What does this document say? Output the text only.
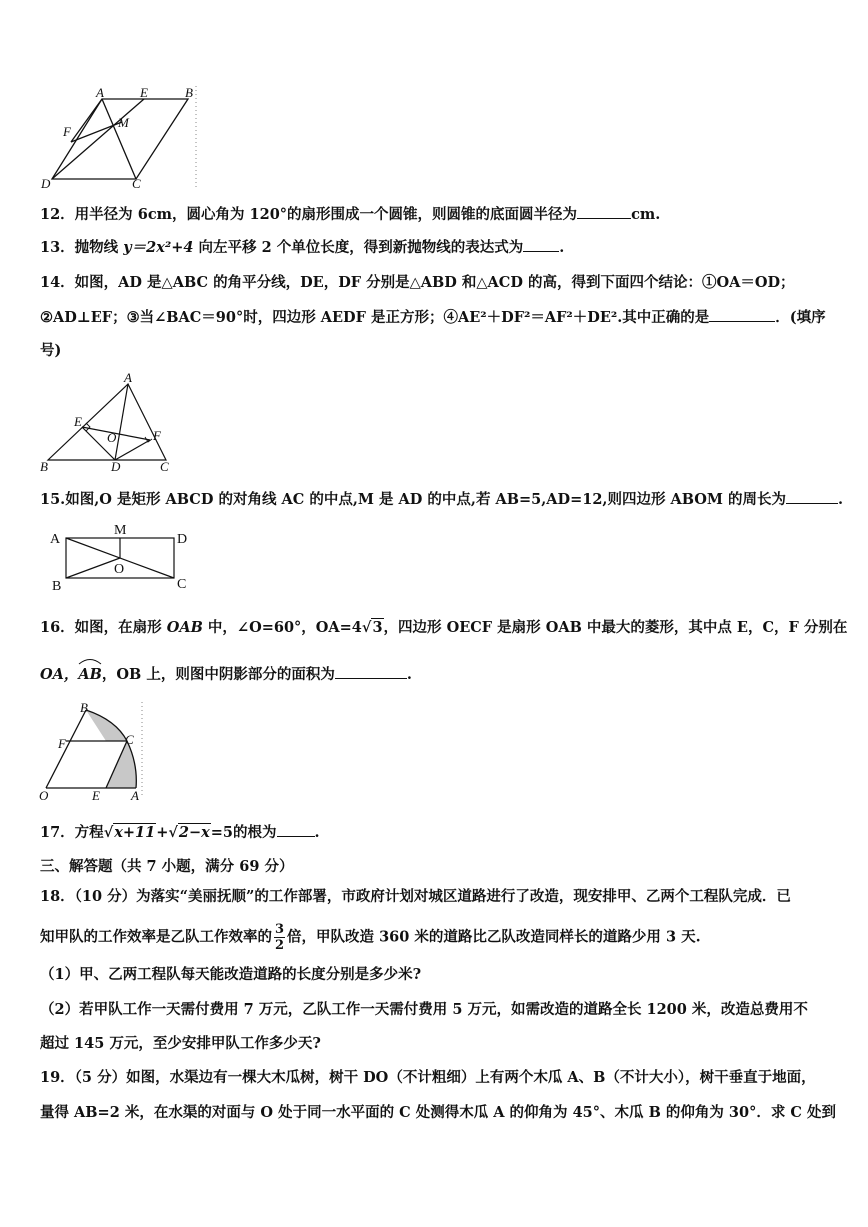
A	E	B
F
M
D	C
12．用半径为 6cm，圆心角为 120°的扇形围成一个圆锥，则圆锥的底面圆半径为	cm.
13．抛物线 y＝2x²+4 向左平移 2 个单位长度，得到新抛物线的表达式为 .
14．如图，AD 是△ABC 的角平分线，DE，DF 分别是△ABD 和△ACD 的高，得到下面四个结论：①OA＝OD；
②AD⊥EF；③当∠BAC＝90°时，四边形 AEDF 是正方形；④AE²＋DF²＝AF²＋DE².其中正确的是	．(填序
号)
A
E
O	F
B	D	C
15.如图,O 是矩形 ABCD 的对角线 AC 的中点,M 是 AD 的中点,若 AB=5,AD=12,则四边形 ABOM 的周长为	.
A
M
D
O
B	C
16．如图，在扇形 OAB 中，∠O=60°，OA=4√3，四边形 OECF 是扇形 OAB 中最大的菱形，其中点 E，C，F 分别在
OA，
AB，OB 上，则图中阴影部分的面积为	.
B
F	C
O	E A
17．方程√x+11+√2−x=5的根为	.
三、解答题（共 7 小题，满分 69 分）
18．（10 分）为落实“美丽抚顺”的工作部署，市政府计划对城区道路进行了改造，现安排甲、乙两个工程队完成．已
知甲队的工作效率是乙队工作效率的 $\frac{3}{2}$ 倍，甲队改造 360 米的道路比乙队改造同样长的道路少用 3 天.
（1）甲、乙两工程队每天能改造道路的长度分别是多少米?
（2）若甲队工作一天需付费用 7 万元，乙队工作一天需付费用 5 万元，如需改造的道路全长 1200 米，改造总费用不
超过 145 万元，至少安排甲队工作多少天?
19．（5 分）如图，水渠边有一棵大木瓜树，树干 DO（不计粗细）上有两个木瓜 A、B（不计大小），树干垂直于地面，
量得 AB=2 米，在水渠的对面与 O 处于同一水平面的 C 处测得木瓜 A 的仰角为 45°、木瓜 B 的仰角为 30°．求 C 处到
